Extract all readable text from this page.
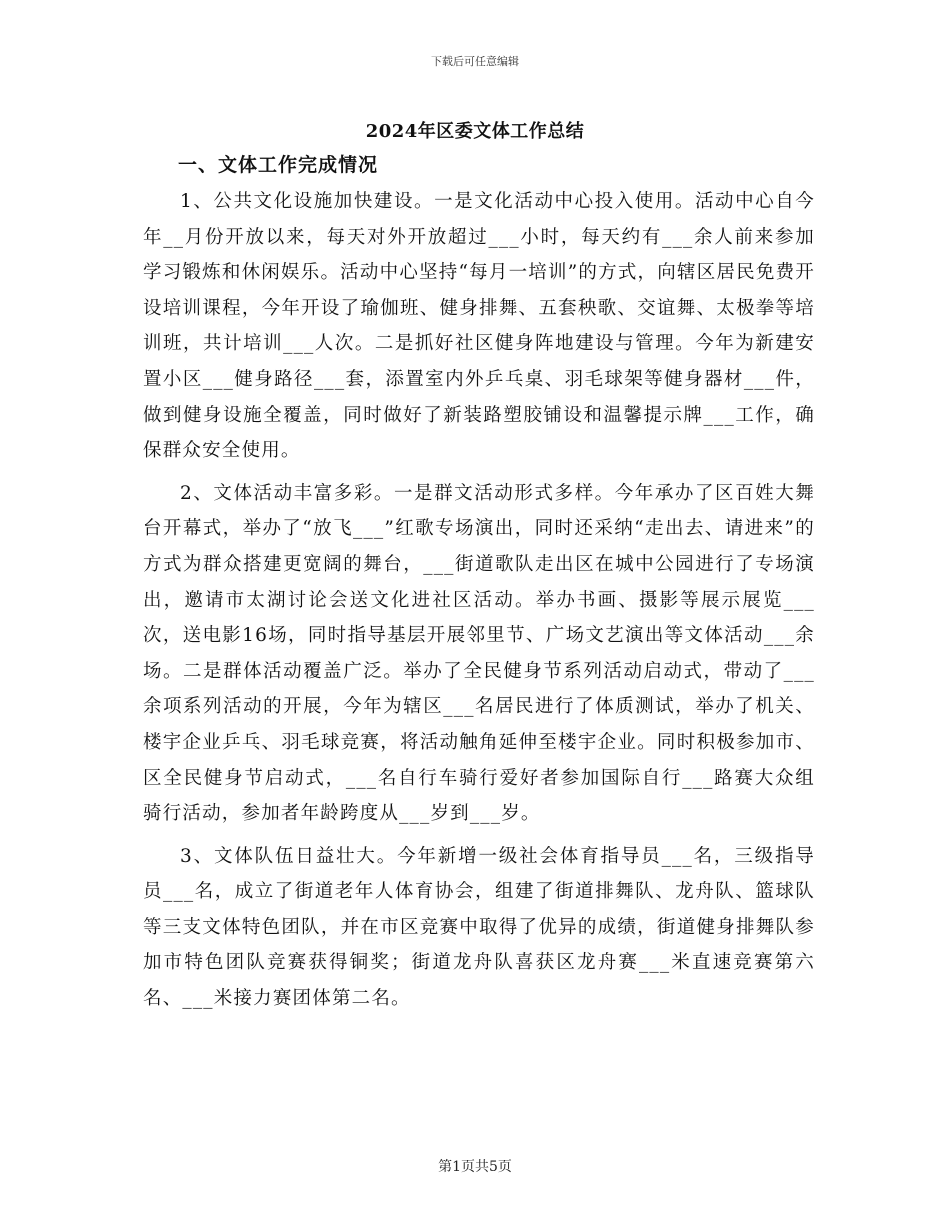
下载后可任意编辑
2024年区委文体工作总结
一、文体工作完成情况

1、公共文化设施加快建设。一是文化活动中心投入使用。活动中心自今年__月份开放以来，每天对外开放超过___小时，每天约有___余人前来参加学习锻炼和休闲娱乐。活动中心坚持“每月一培训”的方式，向辖区居民免费开设培训课程，今年开设了瑜伽班、健身排舞、五套秧歌、交谊舞、太极拳等培训班，共计培训___人次。二是抓好社区健身阵地建设与管理。今年为新建安置小区___健身路径___套，添置室内外乒乓桌、羽毛球架等健身器材___件，做到健身设施全覆盖，同时做好了新装路塑胶铺设和温馨提示牌___工作，确保群众安全使用。

2、文体活动丰富多彩。一是群文活动形式多样。今年承办了区百姓大舞台开幕式，举办了“放飞___”红歌专场演出，同时还采纳“走出去、请进来”的方式为群众搭建更宽阔的舞台，___街道歌队走出区在城中公园进行了专场演出，邀请市太湖讨论会送文化进社区活动。举办书画、摄影等展示展览___次，送电影16场，同时指导基层开展邻里节、广场文艺演出等文体活动___余场。二是群体活动覆盖广泛。举办了全民健身节系列活动启动式，带动了___余项系列活动的开展，今年为辖区___名居民进行了体质测试，举办了机关、楼宇企业乒乓、羽毛球竞赛，将活动触角延伸至楼宇企业。同时积极参加市、区全民健身节启动式，___名自行车骑行爱好者参加国际自行___路赛大众组骑行活动，参加者年龄跨度从___岁到___岁。

3、文体队伍日益壮大。今年新增一级社会体育指导员___名，三级指导员___名，成立了街道老年人体育协会，组建了街道排舞队、龙舟队、篮球队等三支文体特色团队，并在市区竞赛中取得了优异的成绩，街道健身排舞队参加市特色团队竞赛获得铜奖；街道龙舟队喜获区龙舟赛___米直速竞赛第六名、___米接力赛团体第二名。

第1页共5页
